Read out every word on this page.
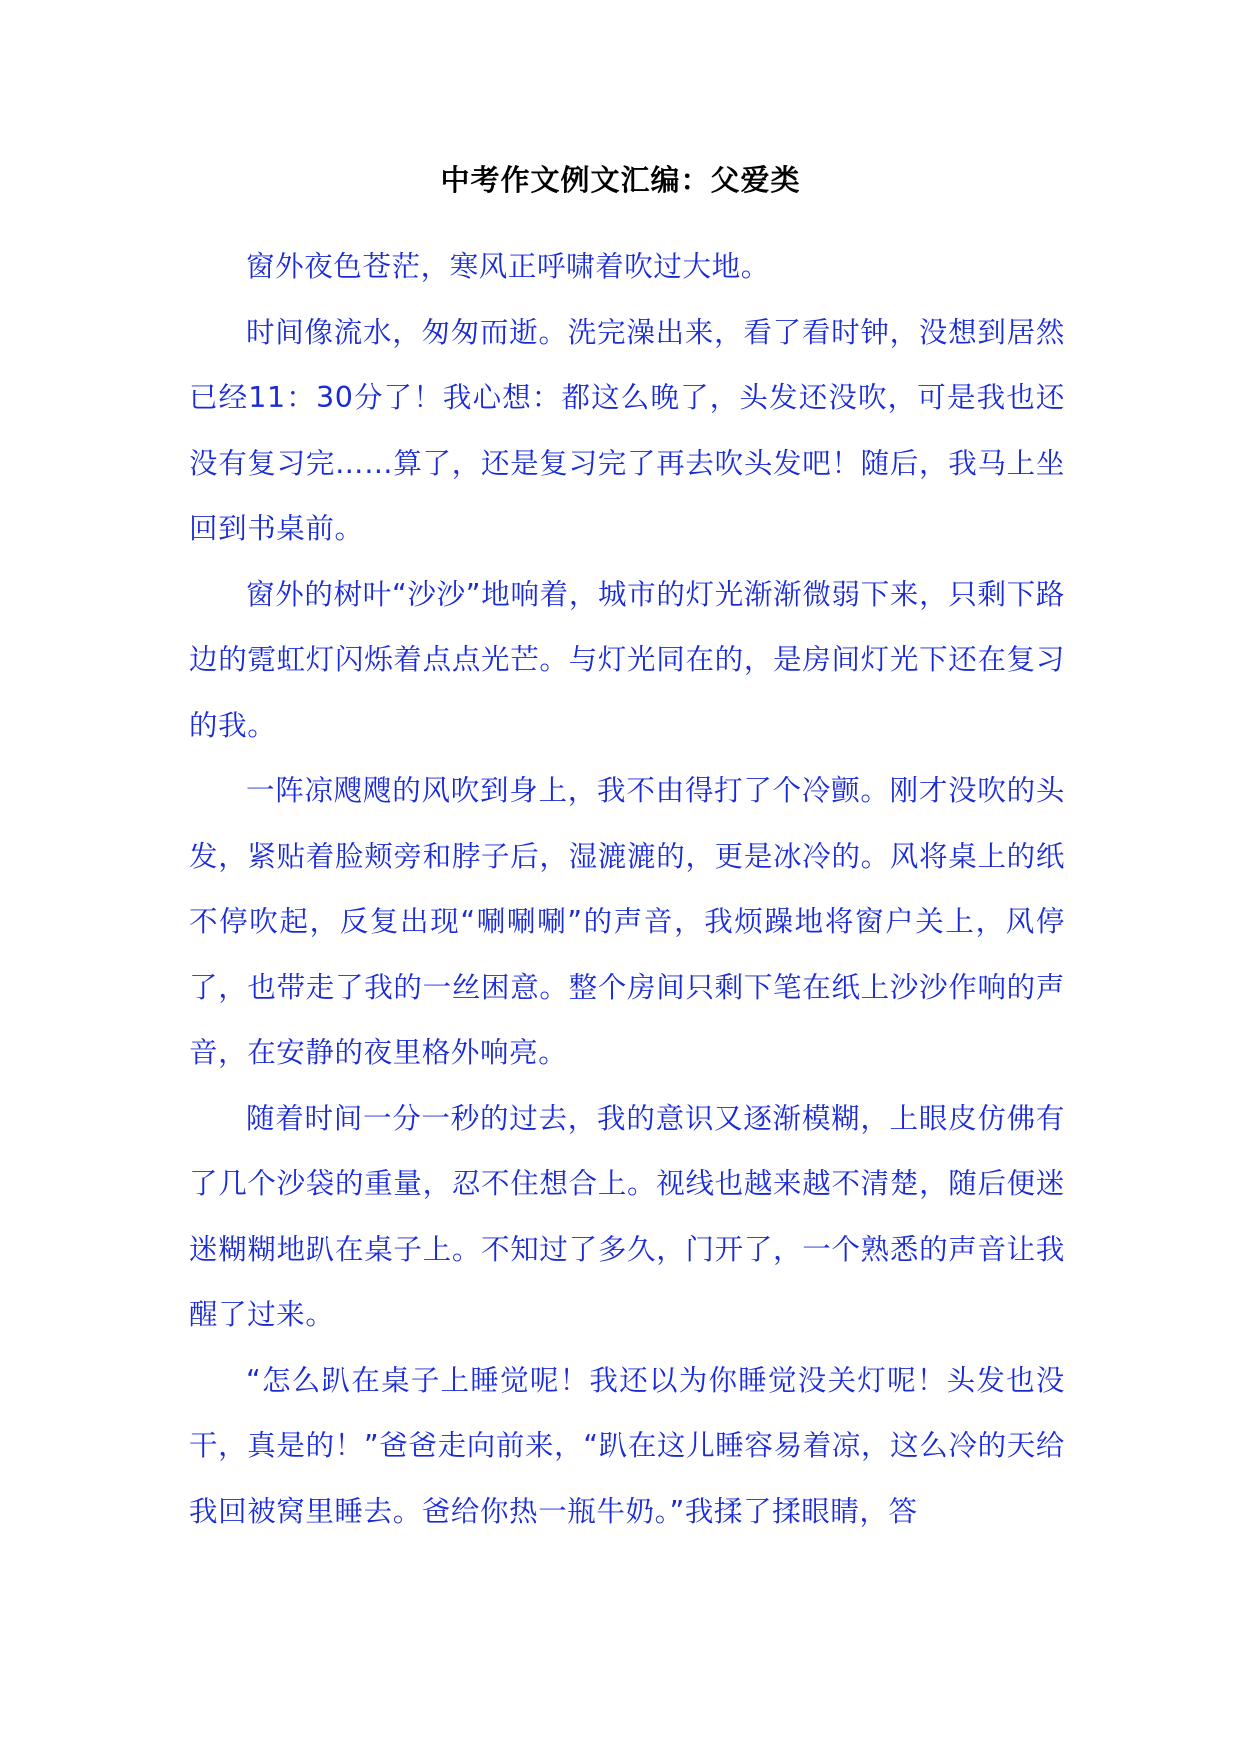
中考作文例文汇编：父爱类

窗外夜色苍茫，寒风正呼啸着吹过大地。

时间像流水，匆匆而逝。洗完澡出来，看了看时钟，没想到居然已经11：30分了！我心想：都这么晚了，头发还没吹，可是我也还没有复习完……算了，还是复习完了再去吹头发吧！随后，我马上坐回到书桌前。

窗外的树叶“沙沙”地响着，城市的灯光渐渐微弱下来，只剩下路边的霓虹灯闪烁着点点光芒。与灯光同在的，是房间灯光下还在复习的我。

一阵凉飕飕的风吹到身上，我不由得打了个冷颤。刚才没吹的头发，紧贴着脸颊旁和脖子后，湿漉漉的，更是冰冷的。风将桌上的纸不停吹起，反复出现“唰唰唰”的声音，我烦躁地将窗户关上，风停了，也带走了我的一丝困意。整个房间只剩下笔在纸上沙沙作响的声音，在安静的夜里格外响亮。

随着时间一分一秒的过去，我的意识又逐渐模糊，上眼皮仿佛有了几个沙袋的重量，忍不住想合上。视线也越来越不清楚，随后便迷迷糊糊地趴在桌子上。不知过了多久，门开了，一个熟悉的声音让我醒了过来。

“怎么趴在桌子上睡觉呢！我还以为你睡觉没关灯呢！头发也没干，真是的！”爸爸走向前来，“趴在这儿睡容易着凉，这么冷的天给我回被窝里睡去。爸给你热一瓶牛奶。”我揉了揉眼睛，答
